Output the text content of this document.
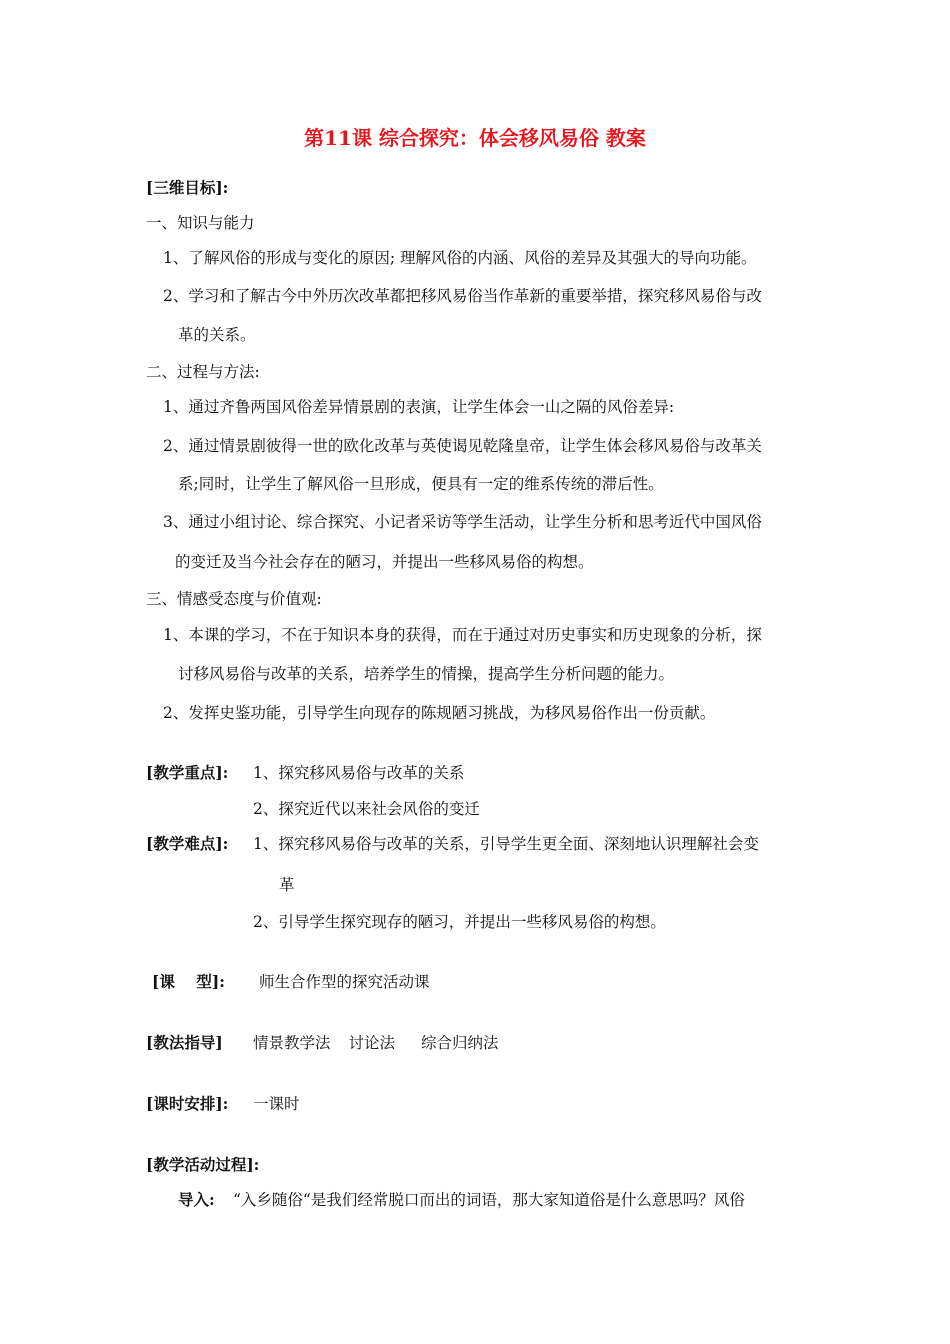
第11课 综合探究：体会移风易俗 教案
[三维目标]:
一、知识与能力
1、了解风俗的形成与变化的原因; 理解风俗的内涵、风俗的差异及其强大的导向功能。
2、学习和了解古今中外历次改革都把移风易俗当作革新的重要举措，探究移风易俗与改
革的关系。
二、过程与方法:
1、通过齐鲁两国风俗差异情景剧的表演，让学生体会一山之隔的风俗差异:
2、通过情景剧彼得一世的欧化改革与英使谒见乾隆皇帝，让学生体会移风易俗与改革关
系;同时，让学生了解风俗一旦形成，便具有一定的维系传统的滞后性。
3、通过小组讨论、综合探究、小记者采访等学生活动，让学生分析和思考近代中国风俗
的变迁及当今社会存在的陋习，并提出一些移风易俗的构想。
三、情感受态度与价值观:
1、本课的学习，不在于知识本身的获得，而在于通过对历史事实和历史现象的分析，探
讨移风易俗与改革的关系，培养学生的情操，提高学生分析问题的能力。
2、发挥史鉴功能，引导学生向现存的陈规陋习挑战，为移风易俗作出一份贡献。
[教学重点]: 1、探究移风易俗与改革的关系
2、探究近代以来社会风俗的变迁
[教学难点]: 1、探究移风易俗与改革的关系，引导学生更全面、深刻地认识理解社会变
革
2、引导学生探究现存的陋习，并提出一些移风易俗的构想。
[课    型]: 师生合作型的探究活动课
[教法指导] 情景教学法 讨论法 综合归纳法
[课时安排]: 一课时
[教学活动过程]:
导入: “入乡随俗“是我们经常脱口而出的词语，那大家知道俗是什么意思吗？风俗
